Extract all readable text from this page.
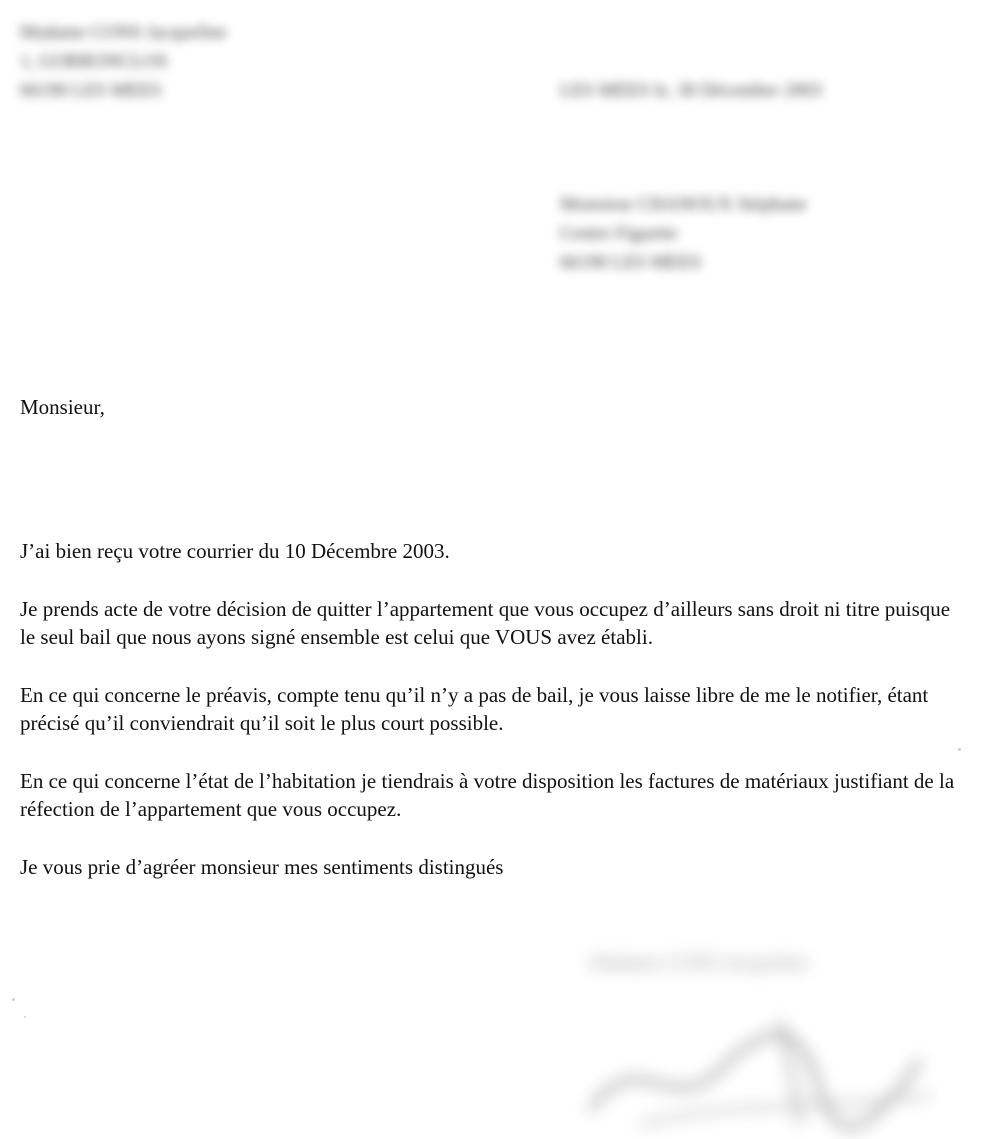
Madame CONS Jacqueline
1, GORRONCLOS
66190 LES MEES	LES MEES le, 30 Décembre 2003
Monsieur CHANOUX Stéphane
Centre Figuette
66190 LES MEES

Monsieur,

J’ai bien reçu votre courrier du 10 Décembre 2003.

Je prends acte de votre décision de quitter l’appartement que vous occupez d’ailleurs sans droit ni titre puisque le seul bail que nous ayons signé ensemble est celui que VOUS avez établi.

En ce qui concerne le préavis, compte tenu qu’il n’y a pas de bail, je vous laisse libre de me le notifier, étant précisé qu’il conviendrait qu’il soit le plus court possible.

En ce qui concerne l’état de l’habitation je tiendrais à votre disposition les factures de matériaux justifiant de la réfection de l’appartement que vous occupez.

Je vous prie d’agréer monsieur mes sentiments distingués

Madame CONS Jacqueline
